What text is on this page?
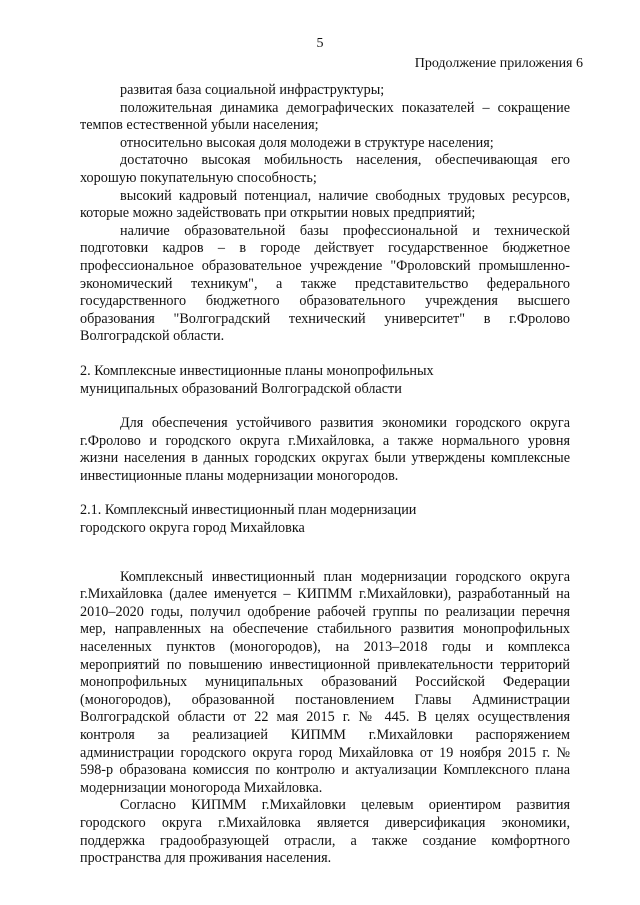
5
Продолжение приложения 6

развитая база социальной инфраструктуры;

положительная динамика демографических показателей – сокращение темпов естественной убыли населения;

относительно высокая доля молодежи в структуре населения;

достаточно высокая мобильность населения, обеспечивающая его хорошую покупательную способность;

высокий кадровый потенциал, наличие свободных трудовых ресурсов, которые можно задействовать при открытии новых предприятий;

наличие образовательной базы профессиональной и технической подготовки кадров – в городе действует государственное бюджетное профессиональное образовательное учреждение "Фроловский промышленно-экономический техникум", а также представительство федерального государственного бюджетного образовательного учреждения высшего образования "Волгоградский технический университет" в г.Фролово Волгоградской области.

2. Комплексные инвестиционные планы монопрофильных

муниципальных образований Волгоградской области

Для обеспечения устойчивого развития экономики городского округа г.Фролово и городского округа г.Михайловка, а также нормального уровня жизни населения в данных городских округах были утверждены комплексные инвестиционные планы модернизации моногородов.

2.1. Комплексный инвестиционный план модернизации

городского округа город Михайловка

Комплексный инвестиционный план модернизации городского округа г.Михайловка (далее именуется – КИПММ г.Михайловки), разработанный на 2010–2020 годы, получил одобрение рабочей группы по реализации перечня мер, направленных на обеспечение стабильного развития монопрофильных населенных пунктов (моногородов), на 2013–2018 годы и комплекса мероприятий по повышению инвестиционной привлекательности территорий монопрофильных муниципальных образований Российской Федерации (моногородов), образованной постановлением Главы Администрации Волгоградской области от 22 мая 2015 г. № 445. В целях осуществления контроля за реализацией КИПММ г.Михайловки распоряжением администрации городского округа город Михайловка от 19 ноября 2015 г. № 598-р образована комиссия по контролю и актуализации Комплексного плана модернизации моногорода Михайловка.

Согласно КИПММ г.Михайловки целевым ориентиром развития городского округа г.Михайловка является диверсификация экономики, поддержка градообразующей отрасли, а также создание комфортного пространства для проживания населения.
